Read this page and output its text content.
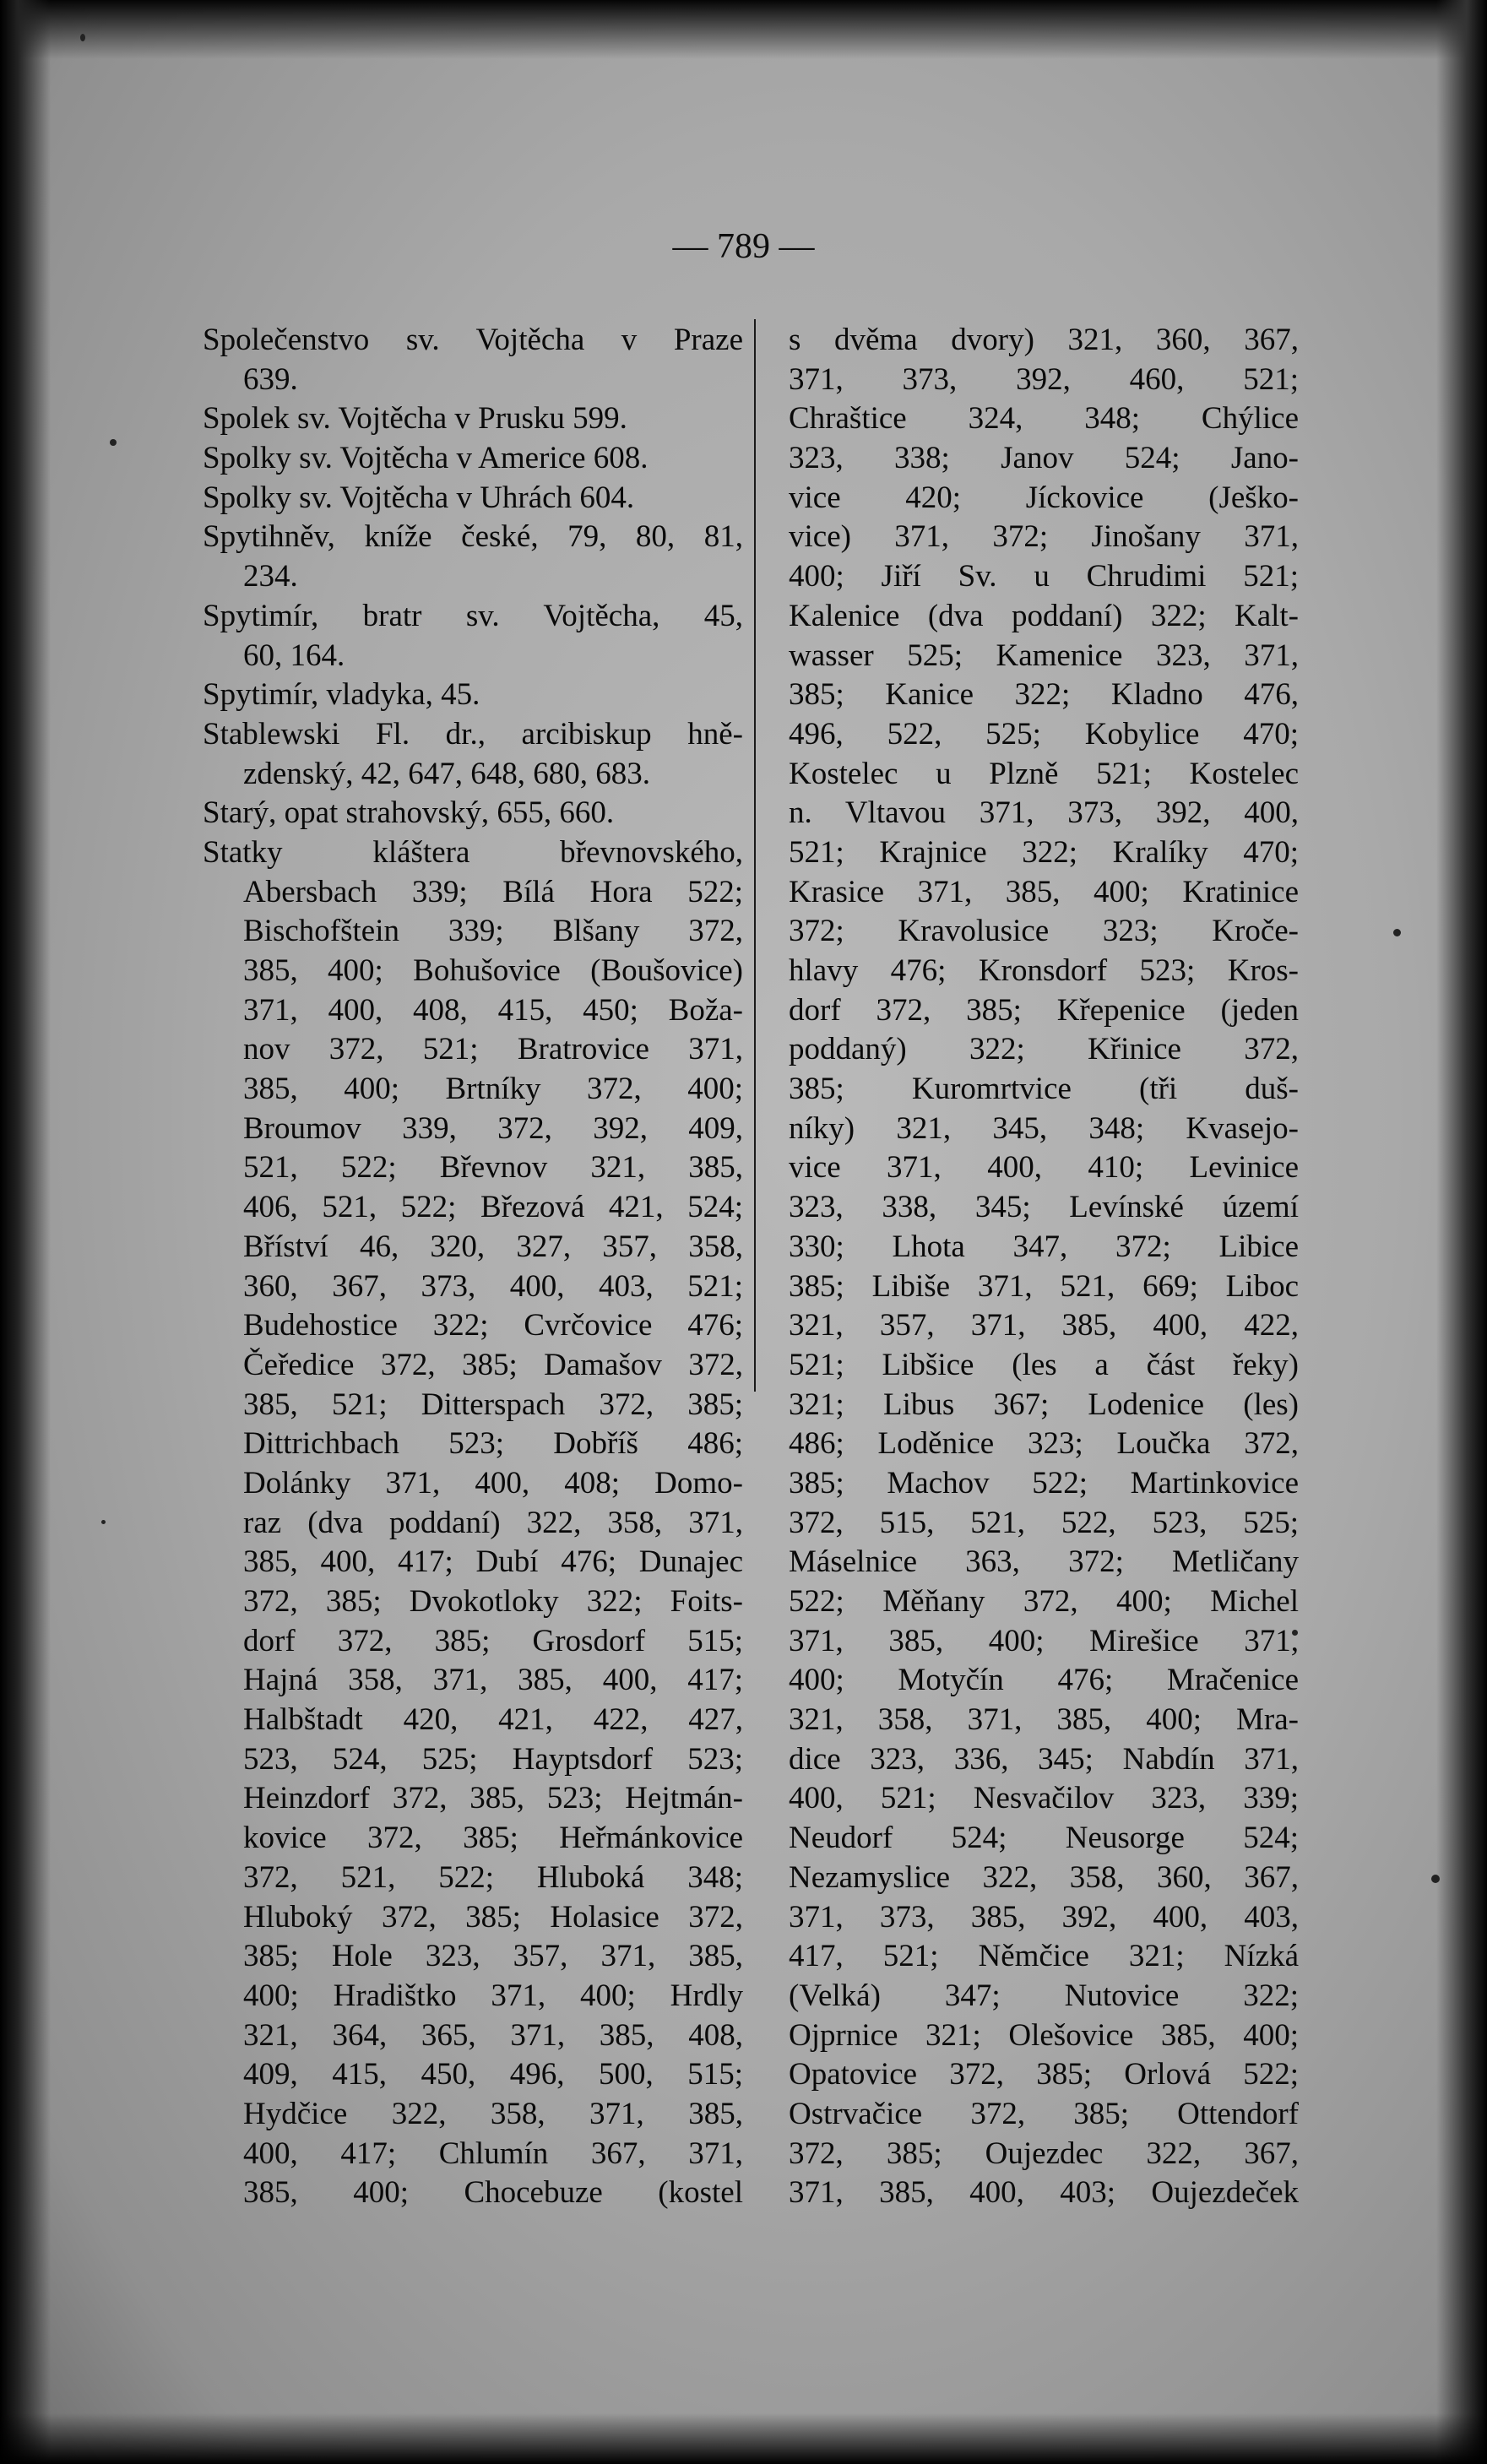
— 789 —
Společenstvo sv. Vojtěcha v Praze
639.
Spolek sv. Vojtěcha v Prusku 599.
Spolky sv. Vojtěcha v Americe 608.
Spolky sv. Vojtěcha v Uhrách 604.
Spytihněv, kníže české, 79, 80, 81,
234.
Spytimír, bratr sv. Vojtěcha, 45,
60, 164.
Spytimír, vladyka, 45.
Stablewski Fl. dr., arcibiskup hně-
zdenský, 42, 647, 648, 680, 683.
Starý, opat strahovský, 655, 660.
Statky kláštera břevnovského,
Abersbach 339; Bílá Hora 522;
Bischofštein 339; Blšany 372,
385, 400; Bohušovice (Boušovice)
371, 400, 408, 415, 450; Boža-
nov 372, 521; Bratrovice 371,
385, 400; Brtníky 372, 400;
Broumov 339, 372, 392, 409,
521, 522; Břevnov 321, 385,
406, 521, 522; Březová 421, 524;
Bříství 46, 320, 327, 357, 358,
360, 367, 373, 400, 403, 521;
Budehostice 322; Cvrčovice 476;
Čeředice 372, 385; Damašov 372,
385, 521; Ditterspach 372, 385;
Dittrichbach 523; Dobříš 486;
Dolánky 371, 400, 408; Domo-
raz (dva poddaní) 322, 358, 371,
385, 400, 417; Dubí 476; Dunajec
372, 385; Dvokotloky 322; Foits-
dorf 372, 385; Grosdorf 515;
Hajná 358, 371, 385, 400, 417;
Halbštadt 420, 421, 422, 427,
523, 524, 525; Hayptsdorf 523;
Heinzdorf 372, 385, 523; Hejtmán-
kovice 372, 385; Heřmánkovice
372, 521, 522; Hluboká 348;
Hluboký 372, 385; Holasice 372,
385; Hole 323, 357, 371, 385,
400; Hradištko 371, 400; Hrdly
321, 364, 365, 371, 385, 408,
409, 415, 450, 496, 500, 515;
Hydčice 322, 358, 371, 385,
400, 417; Chlumín 367, 371,
385, 400; Chocebuze (kostel
s dvěma dvory) 321, 360, 367,
371, 373, 392, 460, 521;
Chraštice 324, 348; Chýlice
323, 338; Janov 524; Jano-
vice 420; Jíckovice (Ješko-
vice) 371, 372; Jinošany 371,
400; Jiří Sv. u Chrudimi 521;
Kalenice (dva poddaní) 322; Kalt-
wasser 525; Kamenice 323, 371,
385; Kanice 322; Kladno 476,
496, 522, 525; Kobylice 470;
Kostelec u Plzně 521; Kostelec
n. Vltavou 371, 373, 392, 400,
521; Krajnice 322; Kralíky 470;
Krasice 371, 385, 400; Kratinice
372; Kravolusice 323; Kroče-
hlavy 476; Kronsdorf 523; Kros-
dorf 372, 385; Křepenice (jeden
poddaný) 322; Křinice 372,
385; Kuromrtvice (tři duš-
níky) 321, 345, 348; Kvasejo-
vice 371, 400, 410; Levinice
323, 338, 345; Levínské území
330; Lhota 347, 372; Libice
385; Libiše 371, 521, 669; Liboc
321, 357, 371, 385, 400, 422,
521; Libšice (les a část řeky)
321; Libus 367; Lodenice (les)
486; Loděnice 323; Loučka 372,
385; Machov 522; Martinkovice
372, 515, 521, 522, 523, 525;
Máselnice 363, 372; Metličany
522; Měňany 372, 400; Michel
371, 385, 400; Mirešice 371,
400; Motyčín 476; Mračenice
321, 358, 371, 385, 400; Mra-
dice 323, 336, 345; Nabdín 371,
400, 521; Nesvačilov 323, 339;
Neudorf 524; Neusorge 524;
Nezamyslice 322, 358, 360, 367,
371, 373, 385, 392, 400, 403,
417, 521; Němčice 321; Nízká
(Velká) 347; Nutovice 322;
Ojprnice 321; Olešovice 385, 400;
Opatovice 372, 385; Orlová 522;
Ostrvačice 372, 385; Ottendorf
372, 385; Oujezdec 322, 367,
371, 385, 400, 403; Oujezdeček
